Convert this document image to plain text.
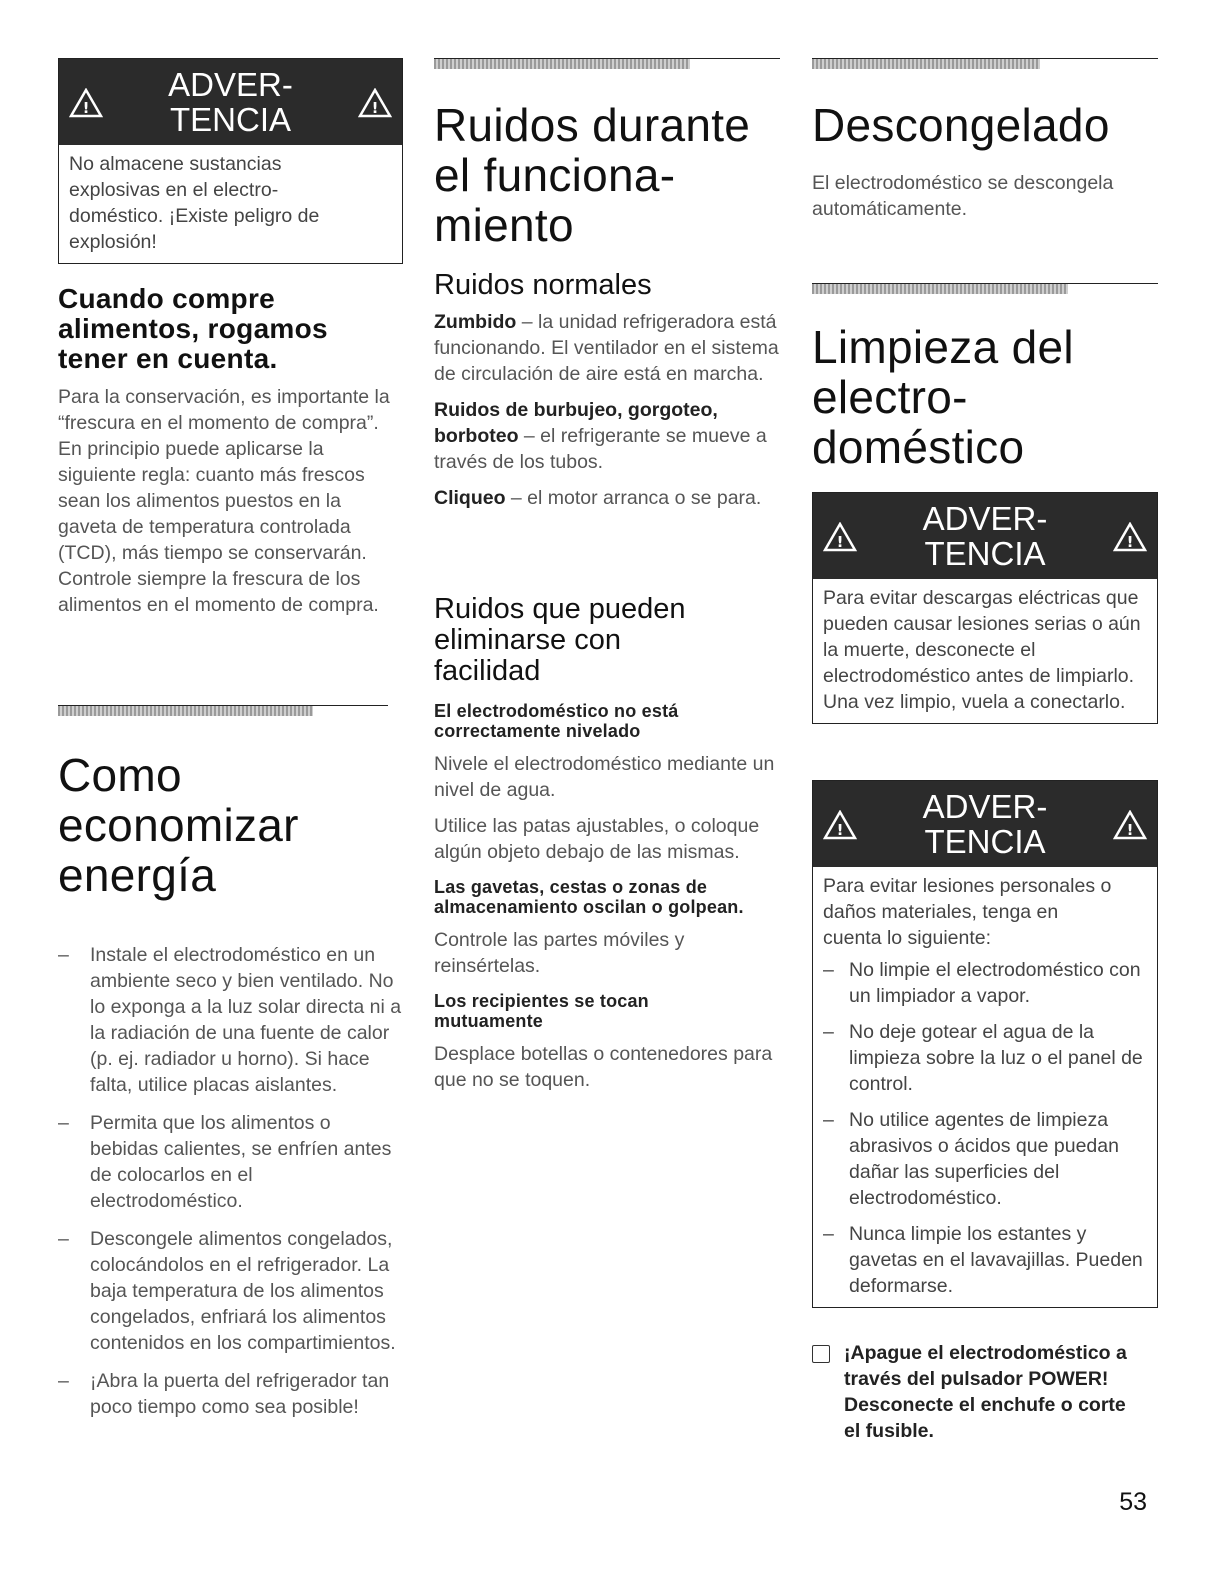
!
ADVER-
TENCIA	!
No almacene sustancias explosivas en el electro-doméstico. ¡Existe peligro de explosión!
Cuando compre alimentos, rogamos tener en cuenta.

Para la conservación, es importante la “frescura en el momento de compra”. En principio puede aplicarse la siguiente regla: cuanto más frescos sean los alimentos puestos en la gaveta de temperatura controlada (TCD), más tiempo se conservarán. Controle siempre la frescura de los alimentos en el momento de compra.

Como economizar energía
– Instale el electrodoméstico en un ambiente seco y bien ventilado. No lo exponga a la luz solar directa ni a la radiación de una fuente de calor (p. ej. radiador u horno). Si hace falta, utilice placas aislantes.
– Permita que los alimentos o bebidas calientes, se enfríen antes de colocarlos en el electrodoméstico.
– Descongele alimentos congelados, colocándolos en el refrigerador. La baja temperatura de los alimentos congelados, enfriará los alimentos contenidos en los compartimientos.
– ¡Abra la puerta del refrigerador tan poco tiempo como sea posible!
Ruidos durante el funciona-miento
Ruidos normales

Zumbido – la unidad refrigeradora está funcionando. El ventilador en el sistema de circulación de aire está en marcha.

Ruidos de burbujeo, gorgoteo, borboteo – el refrigerante se mueve a través de los tubos.

Cliqueo – el motor arranca o se para.

Ruidos que pueden eliminarse con facilidad
El electrodoméstico no está correctamente nivelado

Nivele el electrodoméstico mediante un nivel de agua.

Utilice las patas ajustables, o coloque algún objeto debajo de las mismas.

Las gavetas, cestas o zonas de almacenamiento oscilan o golpean.

Controle las partes móviles y reinsértelas.

Los recipientes se tocan mutuamente

Desplace botellas o contenedores para que no se toquen.

Descongelado

El electrodoméstico se descongela automáticamente.

Limpieza del electro-doméstico
!
ADVER-
TENCIA	!
Para evitar descargas eléctricas que pueden causar lesiones serias o aún la muerte, desconecte el electrodoméstico antes de limpiarlo. Una vez limpio, vuela a conectarlo.
!
ADVER-
TENCIA	!
Para evitar lesiones personales o daños materiales, tenga en cuenta lo siguiente:
– No limpie el electrodoméstico con un limpiador a vapor.
– No deje gotear el agua de la limpieza sobre la luz o el panel de control.
– No utilice agentes de limpieza abrasivos o ácidos que puedan dañar las superficies del electrodoméstico.
– Nunca limpie los estantes y gavetas en el lavavajillas. Pueden deformarse.
¡Apague el electrodoméstico a través del pulsador POWER! Desconecte el enchufe o corte el fusible.
53
